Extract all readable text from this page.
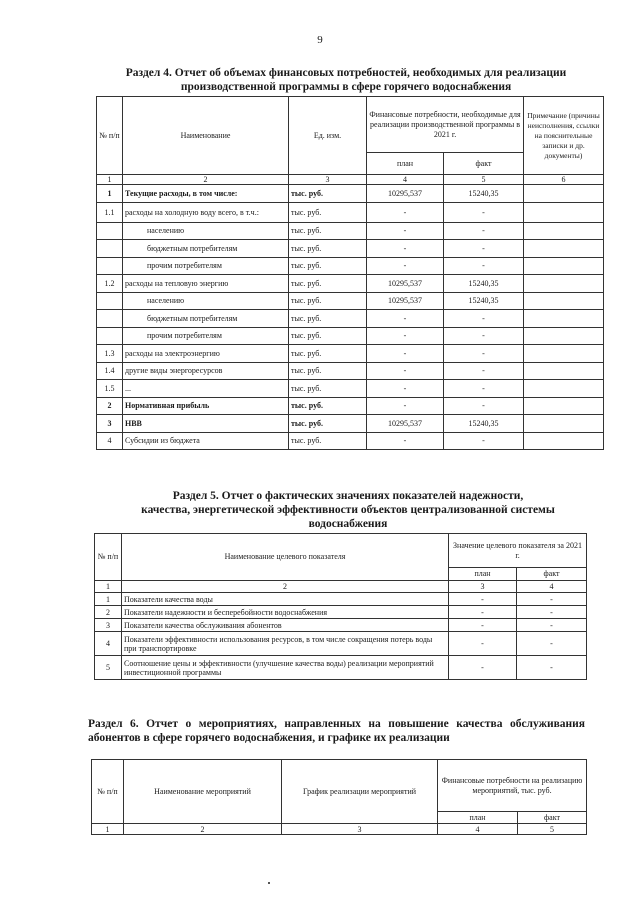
9
Раздел 4. Отчет об объемах финансовых потребностей, необходимых для реализации производственной программы в сфере горячего водоснабжения
№ п/п	Наименование	Ед. изм.	Финансовые потребности, необходимые для реализации производственной программы в 2021 г.		Примечание (причины неисполнения, ссылки на пояснительные записки и др. документы)
			план	факт	
1	2	3	4	5	6
1	Текущие расходы, в том числе:	тыс. руб.	10295,537	15240,35	
1.1	расходы на холодную воду всего, в т.ч.:	тыс. руб.	-	-	
	населению	тыс. руб.	-	-	
	бюджетным потребителям	тыс. руб.	-	-	
	прочим потребителям	тыс. руб.	-	-	
1.2	расходы на тепловую энергию	тыс. руб.	10295,537	15240,35	
	населению	тыс. руб.	10295,537	15240,35	
	бюджетным потребителям	тыс. руб.	-	-	
	прочим потребителям	тыс. руб.	-	-	
1.3	расходы на электроэнергию	тыс. руб.	-	-	
1.4	другие виды энергоресурсов	тыс. руб.	-	-	
1.5	...	тыс. руб.	-	-	
2	Нормативная прибыль	тыс. руб.	-	-	
3	НВВ	тыс. руб.	10295,537	15240,35	
4	Субсидии из бюджета	тыс. руб.	-	-	
Раздел 5. Отчет о фактических значениях показателей надежности,
качества, энергетической эффективности объектов централизованной системы
водоснабжения
№ п/п	Наименование целевого показателя	Значение целевого показателя за 2021 г.	
		план	факт
1	2	3	4
1	Показатели качества воды	-	-
2	Показатели надежности и бесперебойности водоснабжения	-	-
3	Показатели качества обслуживания абонентов	-	-
4	Показатели эффективности использования ресурсов, в том числе сокращения потерь воды при транспортировке	-	-
5	Соотношение цены и эффективности (улучшение качества воды) реализации мероприятий инвестиционной программы	-	-
Раздел 6. Отчет о мероприятиях, направленных на повышение качества обслуживания абонентов в сфере горячего водоснабжения, и графике их реализации
№ п/п	Наименование мероприятий	График реализации мероприятий	Финансовые потребности на реализацию мероприятий, тыс. руб.	
			план	факт
1	2	3	4	5
